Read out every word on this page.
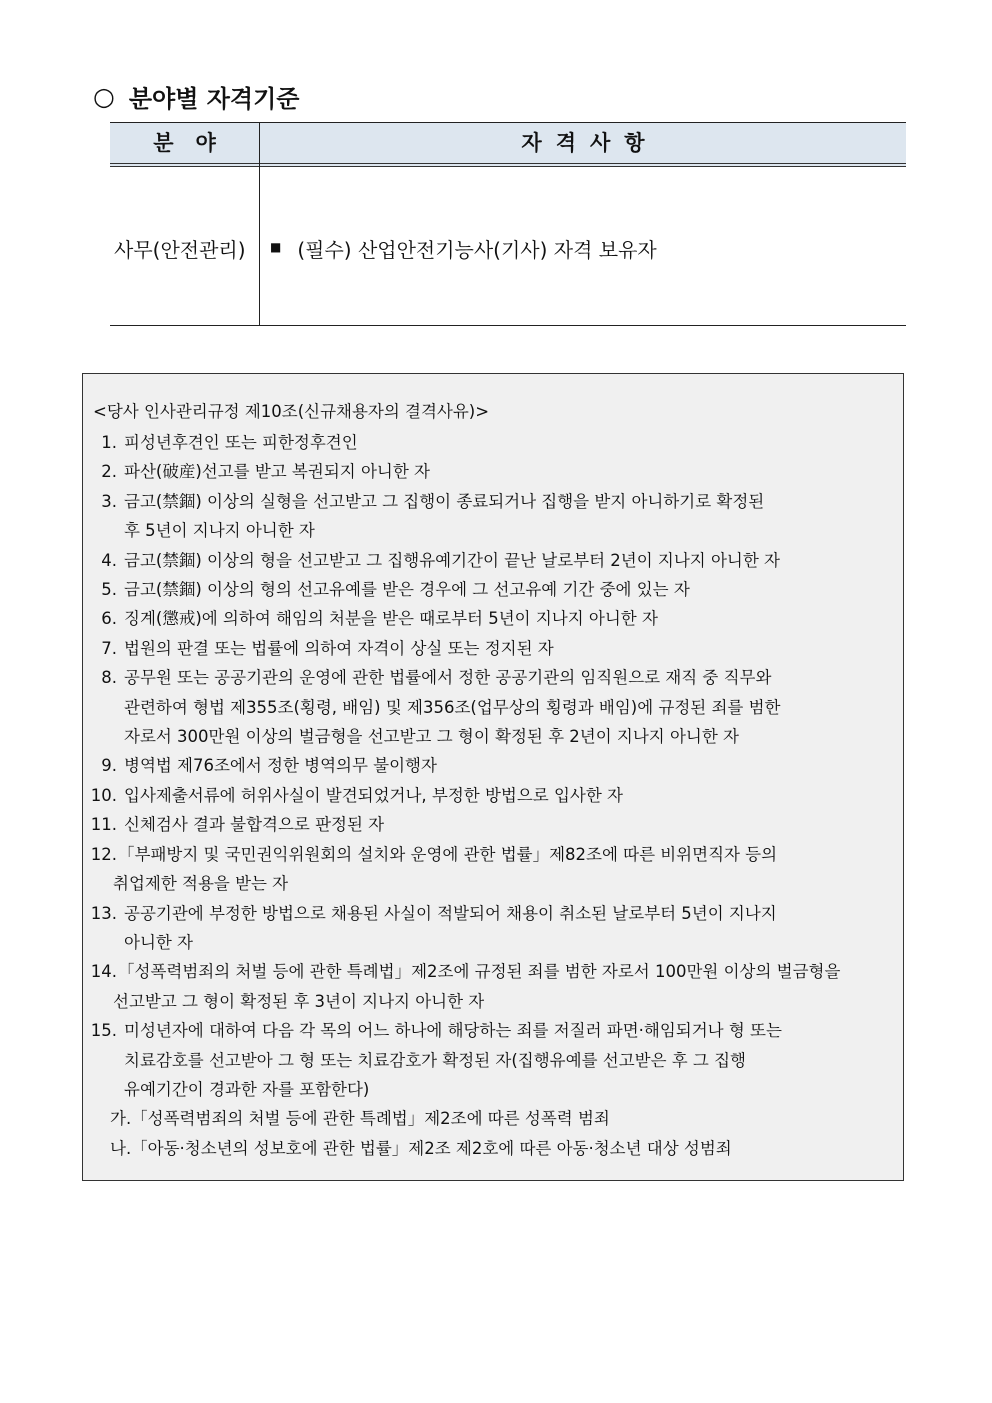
○ 분야별 자격기준
분야	자격사항
사무(안전관리)	■ (필수) 산업안전기능사(기사) 자격 보유자
<당사 인사관리규정 제10조(신규채용자의 결격사유)>
1. 피성년후견인 또는 피한정후견인
2. 파산(破産)선고를 받고 복권되지 아니한 자
3. 금고(禁錮) 이상의 실형을 선고받고 그 집행이 종료되거나 집행을 받지 아니하기로 확정된
후 5년이 지나지 아니한 자
4. 금고(禁錮) 이상의 형을 선고받고 그 집행유예기간이 끝난 날로부터 2년이 지나지 아니한 자
5. 금고(禁錮) 이상의 형의 선고유예를 받은 경우에 그 선고유예 기간 중에 있는 자
6. 징계(懲戒)에 의하여 해임의 처분을 받은 때로부터 5년이 지나지 아니한 자
7. 법원의 판결 또는 법률에 의하여 자격이 상실 또는 정지된 자
8. 공무원 또는 공공기관의 운영에 관한 법률에서 정한 공공기관의 임직원으로 재직 중 직무와
관련하여 형법 제355조(횡령, 배임) 및 제356조(업무상의 횡령과 배임)에 규정된 죄를 범한
자로서 300만원 이상의 벌금형을 선고받고 그 형이 확정된 후 2년이 지나지 아니한 자
9. 병역법 제76조에서 정한 병역의무 불이행자
10. 입사제출서류에 허위사실이 발견되었거나, 부정한 방법으로 입사한 자
11. 신체검사 결과 불합격으로 판정된 자
12. 「부패방지 및 국민권익위원회의 설치와 운영에 관한 법률」제82조에 따른 비위면직자 등의
취업제한 적용을 받는 자
13. 공공기관에 부정한 방법으로 채용된 사실이 적발되어 채용이 취소된 날로부터 5년이 지나지
아니한 자
14. 「성폭력범죄의 처벌 등에 관한 특례법」제2조에 규정된 죄를 범한 자로서 100만원 이상의 벌금형을
선고받고 그 형이 확정된 후 3년이 지나지 아니한 자
15. 미성년자에 대하여 다음 각 목의 어느 하나에 해당하는 죄를 저질러 파면·해임되거나 형 또는
치료감호를 선고받아 그 형 또는 치료감호가 확정된 자(집행유예를 선고받은 후 그 집행
유예기간이 경과한 자를 포함한다)
가.「성폭력범죄의 처벌 등에 관한 특례법」제2조에 따른 성폭력 범죄
나.「아동·청소년의 성보호에 관한 법률」제2조 제2호에 따른 아동·청소년 대상 성범죄
